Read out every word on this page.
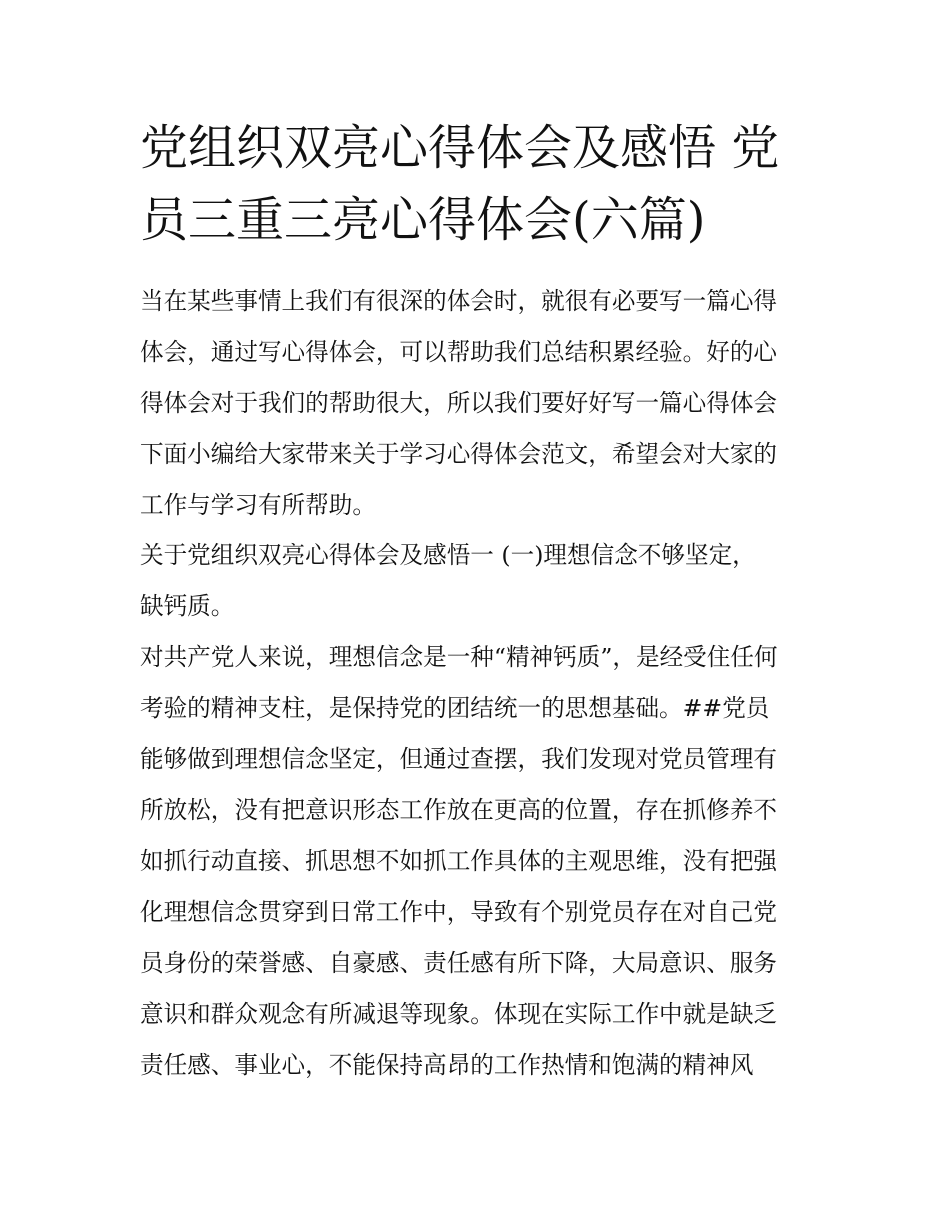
党组织双亮心得体会及感悟 党
员三重三亮心得体会(六篇)

当在某些事情上我们有很深的体会时，就很有必要写一篇心得
体会，通过写心得体会，可以帮助我们总结积累经验。好的心
得体会对于我们的帮助很大，所以我们要好好写一篇心得体会
下面小编给大家带来关于学习心得体会范文，希望会对大家的
工作与学习有所帮助。

关于党组织双亮心得体会及感悟一 (一)理想信念不够坚定，
缺钙质。

对共产党人来说，理想信念是一种“精神钙质”，是经受住任何
考验的精神支柱，是保持党的团结统一的思想基础。##党员
能够做到理想信念坚定，但通过查摆，我们发现对党员管理有
所放松，没有把意识形态工作放在更高的位置，存在抓修养不
如抓行动直接、抓思想不如抓工作具体的主观思维，没有把强
化理想信念贯穿到日常工作中，导致有个别党员存在对自己党
员身份的荣誉感、自豪感、责任感有所下降，大局意识、服务
意识和群众观念有所减退等现象。体现在实际工作中就是缺乏
责任感、事业心，不能保持高昂的工作热情和饱满的精神风
